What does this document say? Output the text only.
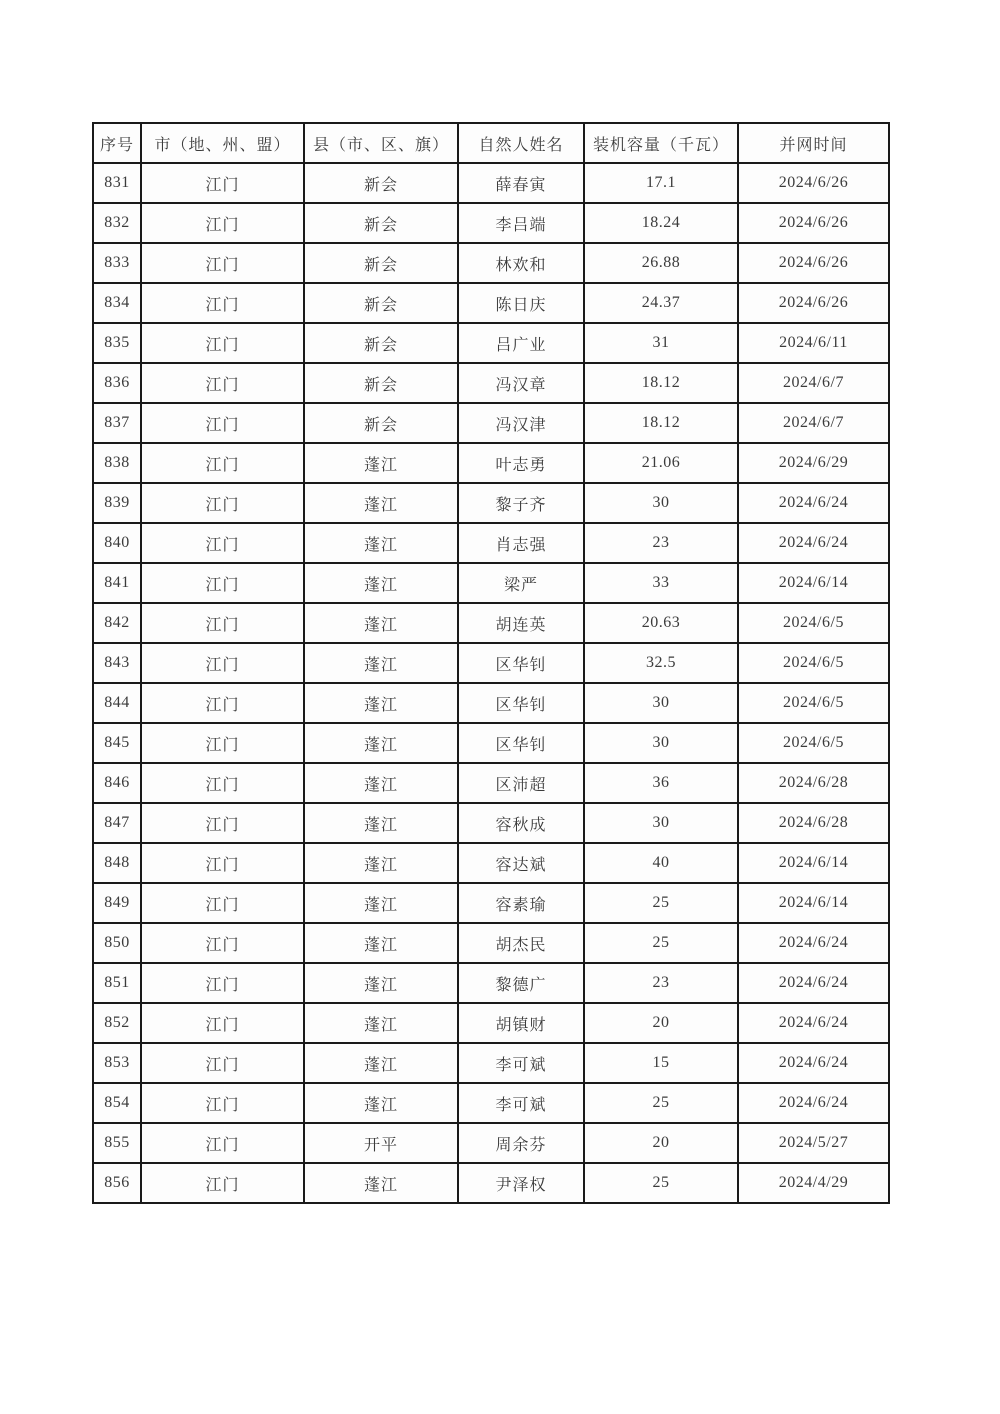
序号	市（地、州、盟）	县（市、区、旗）	自然人姓名	装机容量（千瓦）	并网时间
831	江门	新会	薛春寅	17.1	2024/6/26
832	江门	新会	李吕端	18.24	2024/6/26
833	江门	新会	林欢和	26.88	2024/6/26
834	江门	新会	陈日庆	24.37	2024/6/26
835	江门	新会	吕广业	31	2024/6/11
836	江门	新会	冯汉章	18.12	2024/6/7
837	江门	新会	冯汉津	18.12	2024/6/7
838	江门	蓬江	叶志勇	21.06	2024/6/29
839	江门	蓬江	黎子齐	30	2024/6/24
840	江门	蓬江	肖志强	23	2024/6/24
841	江门	蓬江	梁严	33	2024/6/14
842	江门	蓬江	胡连英	20.63	2024/6/5
843	江门	蓬江	区华钊	32.5	2024/6/5
844	江门	蓬江	区华钊	30	2024/6/5
845	江门	蓬江	区华钊	30	2024/6/5
846	江门	蓬江	区沛超	36	2024/6/28
847	江门	蓬江	容秋成	30	2024/6/28
848	江门	蓬江	容达斌	40	2024/6/14
849	江门	蓬江	容素瑜	25	2024/6/14
850	江门	蓬江	胡杰民	25	2024/6/24
851	江门	蓬江	黎德广	23	2024/6/24
852	江门	蓬江	胡镇财	20	2024/6/24
853	江门	蓬江	李可斌	15	2024/6/24
854	江门	蓬江	李可斌	25	2024/6/24
855	江门	开平	周余芬	20	2024/5/27
856	江门	蓬江	尹泽权	25	2024/4/29
